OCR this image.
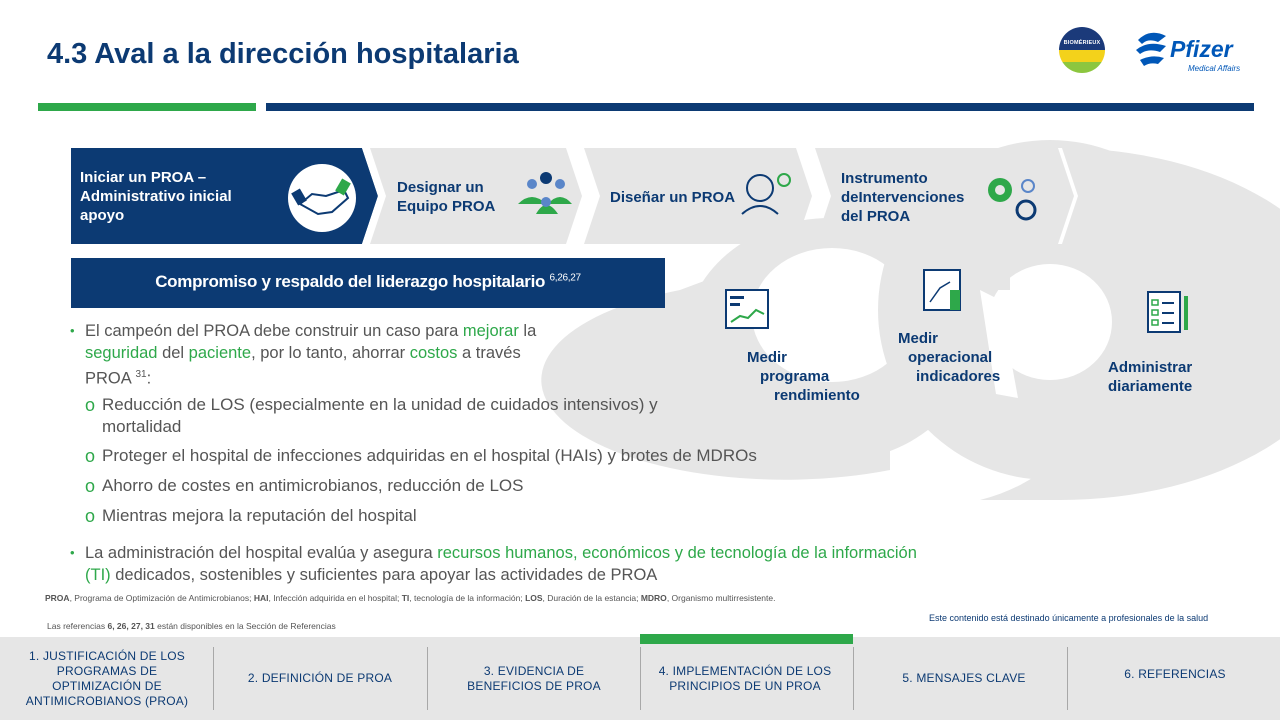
4.3 Aval a la dirección hospitalaria	BIOMÉRIEUX	Pfizer
Medical Affairs
Iniciar un PROA –
Administrativo inicial
apoyo
Designar un
Equipo PROA
Diseñar un PROA
Instrumento
deIntervenciones
del PROA
Medir
programa
rendimiento
Medir
operacional
indicadores
Administrar
diariamente
Compromiso y respaldo del liderazgo hospitalario $^{6,26,27}$
• El campeón del PROA debe construir un caso para mejorar la
seguridad del paciente, por lo tanto, ahorrar costos a través
PROA $^{31}$:
o Reducción de LOS (especialmente en la unidad de cuidados intensivos) y
mortalidad
o Proteger el hospital de infecciones adquiridas en el hospital (HAIs) y brotes de MDROs
o Ahorro de costes en antimicrobianos, reducción de LOS
o Mientras mejora la reputación del hospital
• La administración del hospital evalúa y asegura recursos humanos, económicos y de tecnología de la información
(TI) dedicados, sostenibles y suficientes para apoyar las actividades de PROA
PROA, Programa de Optimización de Antimicrobianos; HAI, Infección adquirida en el hospital; TI, tecnología de la información; LOS, Duración de la estancia; MDRO, Organismo multirresistente.
Las referencias 6, 26, 27, 31 están disponibles en la Sección de Referencias
Este contenido está destinado únicamente a profesionales de la salud
1. JUSTIFICACIÓN DE LOS PROGRAMAS DE OPTIMIZACIÓN DE ANTIMICROBIANOS (PROA)
2. DEFINICIÓN DE PROA
3. EVIDENCIA DE BENEFICIOS DE PROA
4. IMPLEMENTACIÓN DE LOS PRINCIPIOS DE UN PROA
5. MENSAJES CLAVE	6. REFERENCIAS
